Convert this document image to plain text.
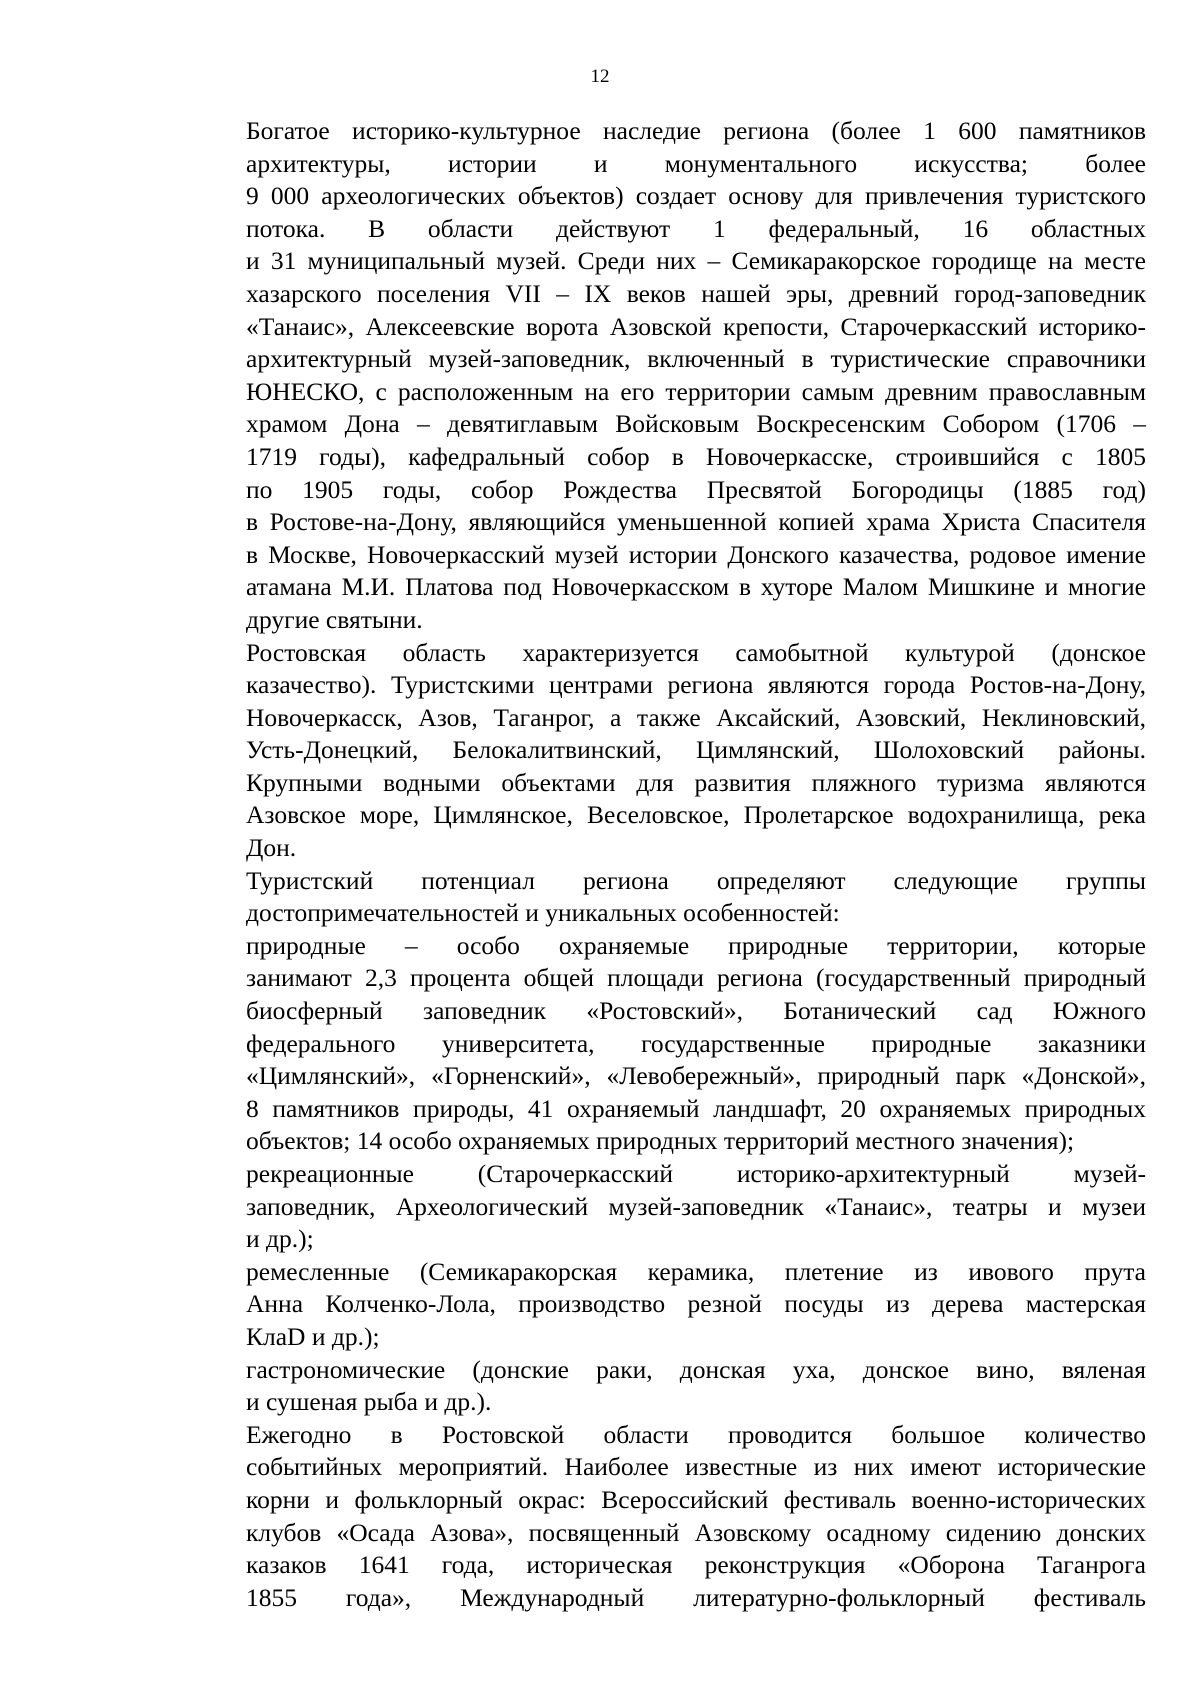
12
Богатое историко-культурное наследие региона (более 1 600 памятников
архитектуры, истории и монументального искусства; более
9 000 археологических объектов) создает основу для привлечения туристского
потока. В области действуют 1 федеральный, 16 областных
и 31 муниципальный музей. Среди них – Семикаракорское городище на месте
хазарского поселения VII – IX веков нашей эры, древний город-заповедник
«Танаис», Алексеевские ворота Азовской крепости, Старочеркасский историко-
архитектурный музей-заповедник, включенный в туристические справочники
ЮНЕСКО, с расположенным на его территории самым древним православным
храмом Дона – девятиглавым Войсковым Воскресенским Собором (1706 –
1719 годы), кафедральный собор в Новочеркасске, строившийся с 1805
по 1905 годы, собор Рождества Пресвятой Богородицы (1885 год)
в Ростове-на-Дону, являющийся уменьшенной копией храма Христа Спасителя
в Москве, Новочеркасский музей истории Донского казачества, родовое имение
атамана М.И. Платова под Новочеркасском в хуторе Малом Мишкине и многие
другие святыни.
Ростовская область характеризуется самобытной культурой (донское
казачество). Туристскими центрами региона являются города Ростов-на-Дону,
Новочеркасск, Азов, Таганрог, а также Аксайский, Азовский, Неклиновский,
Усть-Донецкий, Белокалитвинский, Цимлянский, Шолоховский районы.
Крупными водными объектами для развития пляжного туризма являются
Азовское море, Цимлянское, Веселовское, Пролетарское водохранилища, река
Дон.
Туристский потенциал региона определяют следующие группы
достопримечательностей и уникальных особенностей:
природные – особо охраняемые природные территории, которые
занимают 2,3 процента общей площади региона (государственный природный
биосферный заповедник «Ростовский», Ботанический сад Южного
федерального университета, государственные природные заказники
«Цимлянский», «Горненский», «Левобережный», природный парк «Донской»,
8 памятников природы, 41 охраняемый ландшафт, 20 охраняемых природных
объектов; 14 особо охраняемых природных территорий местного значения);
рекреационные (Старочеркасский историко-архитектурный музей-
заповедник, Археологический музей-заповедник «Танаис», театры и музеи
и др.);
ремесленные (Семикаракорская керамика, плетение из ивового прута
Анна Колченко-Лола, производство резной посуды из дерева мастерская
КлаD и др.);
гастрономические (донские раки, донская уха, донское вино, вяленая
и сушеная рыба и др.).
Ежегодно в Ростовской области проводится большое количество
событийных мероприятий. Наиболее известные из них имеют исторические
корни и фольклорный окрас: Всероссийский фестиваль военно-исторических
клубов «Осада Азова», посвященный Азовскому осадному сидению донских
казаков 1641 года, историческая реконструкция «Оборона Таганрога
1855 года», Международный литературно-фольклорный фестиваль
